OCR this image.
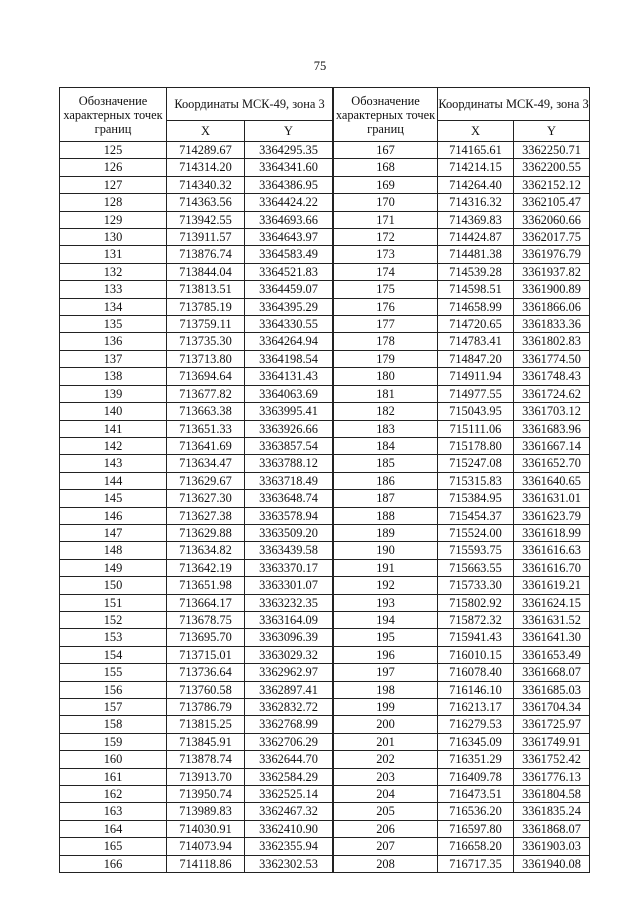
75
Обозначение характерных точек границ	Координаты МСК-49, зона 3	
	X	Y
125	714289.67	3364295.35
126	714314.20	3364341.60
127	714340.32	3364386.95
128	714363.56	3364424.22
129	713942.55	3364693.66
130	713911.57	3364643.97
131	713876.74	3364583.49
132	713844.04	3364521.83
133	713813.51	3364459.07
134	713785.19	3364395.29
135	713759.11	3364330.55
136	713735.30	3364264.94
137	713713.80	3364198.54
138	713694.64	3364131.43
139	713677.82	3364063.69
140	713663.38	3363995.41
141	713651.33	3363926.66
142	713641.69	3363857.54
143	713634.47	3363788.12
144	713629.67	3363718.49
145	713627.30	3363648.74
146	713627.38	3363578.94
147	713629.88	3363509.20
148	713634.82	3363439.58
149	713642.19	3363370.17
150	713651.98	3363301.07
151	713664.17	3363232.35
152	713678.75	3363164.09
153	713695.70	3363096.39
154	713715.01	3363029.32
155	713736.64	3362962.97
156	713760.58	3362897.41
157	713786.79	3362832.72
158	713815.25	3362768.99
159	713845.91	3362706.29
160	713878.74	3362644.70
161	713913.70	3362584.29
162	713950.74	3362525.14
163	713989.83	3362467.32
164	714030.91	3362410.90
165	714073.94	3362355.94
166	714118.86	3362302.53
Обозначение характерных точек границ	Координаты МСК-49, зона 3	
	X	Y
167	714165.61	3362250.71
168	714214.15	3362200.55
169	714264.40	3362152.12
170	714316.32	3362105.47
171	714369.83	3362060.66
172	714424.87	3362017.75
173	714481.38	3361976.79
174	714539.28	3361937.82
175	714598.51	3361900.89
176	714658.99	3361866.06
177	714720.65	3361833.36
178	714783.41	3361802.83
179	714847.20	3361774.50
180	714911.94	3361748.43
181	714977.55	3361724.62
182	715043.95	3361703.12
183	715111.06	3361683.96
184	715178.80	3361667.14
185	715247.08	3361652.70
186	715315.83	3361640.65
187	715384.95	3361631.01
188	715454.37	3361623.79
189	715524.00	3361618.99
190	715593.75	3361616.63
191	715663.55	3361616.70
192	715733.30	3361619.21
193	715802.92	3361624.15
194	715872.32	3361631.52
195	715941.43	3361641.30
196	716010.15	3361653.49
197	716078.40	3361668.07
198	716146.10	3361685.03
199	716213.17	3361704.34
200	716279.53	3361725.97
201	716345.09	3361749.91
202	716351.29	3361752.42
203	716409.78	3361776.13
204	716473.51	3361804.58
205	716536.20	3361835.24
206	716597.80	3361868.07
207	716658.20	3361903.03
208	716717.35	3361940.08
